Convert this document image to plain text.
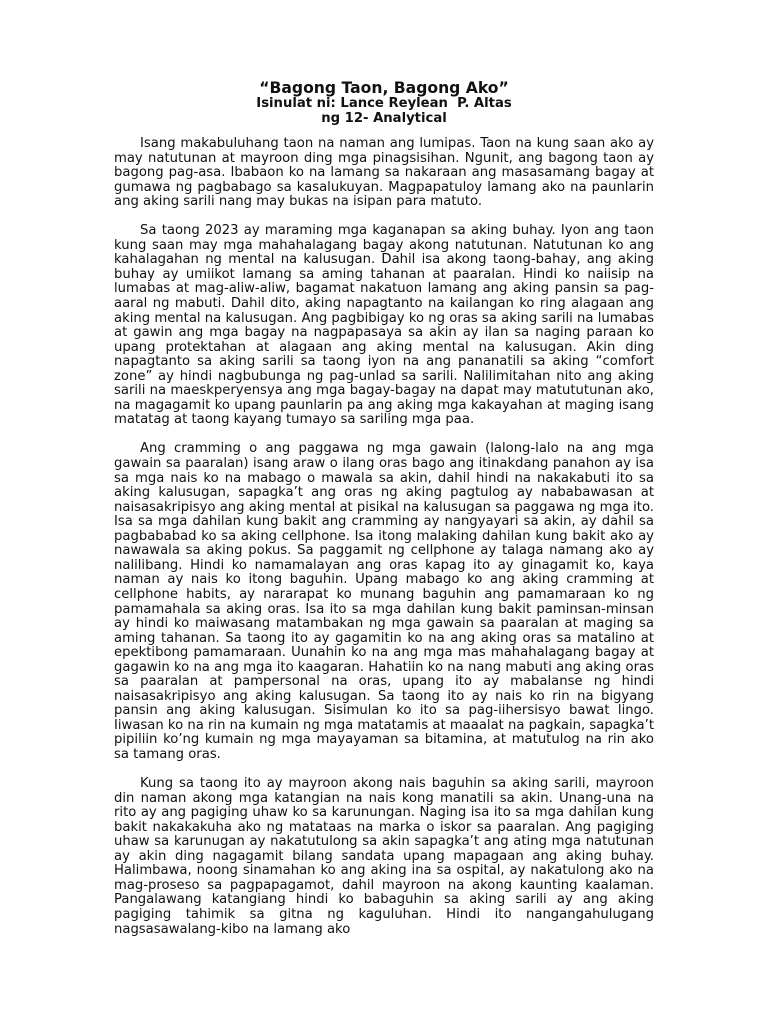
“Bagong Taon, Bagong Ako”
Isinulat ni: Lance Reylean  P. Altas
ng 12- Analytical

Isang makabuluhang taon na naman ang lumipas. Taon na kung saan ako ay may natutunan at mayroon ding mga pinagsisihan. Ngunit, ang bagong taon ay bagong pag-asa. Ibabaon ko na lamang sa nakaraan ang masasamang bagay at gumawa ng pagbabago sa kasalukuyan. Magpapatuloy lamang ako na paunlarin ang aking sarili nang may bukas na isipan para matuto.

Sa taong 2023 ay maraming mga kaganapan sa aking buhay. Iyon ang taon kung saan may mga mahahalagang bagay akong natutunan. Natutunan ko ang kahalagahan ng mental na kalusugan. Dahil isa akong taong-bahay, ang aking buhay ay umiikot lamang sa aming tahanan at paaralan. Hindi ko naiisip na lumabas at mag-aliw-aliw, bagamat nakatuon lamang ang aking pansin sa pag-aaral ng mabuti. Dahil dito, aking napagtanto na kailangan ko ring alagaan ang aking mental na kalusugan. Ang pagbibigay ko ng oras sa aking sarili na lumabas at gawin ang mga bagay na nagpapasaya sa akin ay ilan sa naging paraan ko upang protektahan at alagaan ang aking mental na kalusugan. Akin ding napagtanto sa aking sarili sa taong iyon na ang pananatili sa aking “comfort zone” ay hindi nagbubunga ng pag-unlad sa sarili. Nalilimitahan nito ang aking sarili na maeskperyensya ang mga bagay-bagay na dapat may matututunan ako, na magagamit ko upang paunlarin pa ang aking mga kakayahan at maging isang matatag at taong kayang tumayo sa sariling mga paa.

Ang cramming o ang paggawa ng mga gawain (lalong-lalo na ang mga gawain sa paaralan) isang araw o ilang oras bago ang itinakdang panahon ay isa sa mga nais ko na mabago o mawala sa akin, dahil hindi na nakakabuti ito sa aking kalusugan, sapagka’t ang oras ng aking pagtulog ay nababawasan at naisasakripisyo ang aking mental at pisikal na kalusugan sa paggawa ng mga ito. Isa sa mga dahilan kung bakit ang cramming ay nangyayari sa akin, ay dahil sa pagbababad ko sa aking cellphone. Isa itong malaking dahilan kung bakit ako ay nawawala sa aking pokus. Sa paggamit ng cellphone ay talaga namang ako ay nalilibang. Hindi ko namamalayan ang oras kapag ito ay ginagamit ko, kaya naman ay nais ko itong baguhin. Upang mabago ko ang aking cramming at cellphone habits, ay nararapat ko munang baguhin ang pamamaraan ko ng pamamahala sa aking oras. Isa ito sa mga dahilan kung bakit paminsan-minsan ay hindi ko maiwasang matambakan ng mga gawain sa paaralan at maging sa aming tahanan. Sa taong ito ay gagamitin ko na ang aking oras sa matalino at epektibong pamamaraan. Uunahin ko na ang mga mas mahahalagang bagay at gagawin ko na ang mga ito kaagaran. Hahatiin ko na nang mabuti ang aking oras sa paaralan at pampersonal na oras, upang ito ay mabalanse ng hindi naisasakripisyo ang aking kalusugan. Sa taong ito ay nais ko rin na bigyang pansin ang aking kalusugan. Sisimulan ko ito sa pag-iihersisyo bawat lingo. Iiwasan ko na rin na kumain ng mga matatamis at maaalat na pagkain, sapagka’t pipiliin ko’ng kumain ng mga mayayaman sa bitamina, at matutulog na rin ako sa tamang oras.

Kung sa taong ito ay mayroon akong nais baguhin sa aking sarili, mayroon din naman akong mga katangian na nais kong manatili sa akin. Unang-una na rito ay ang pagiging uhaw ko sa karunungan. Naging isa ito sa mga dahilan kung bakit nakakakuha ako ng matataas na marka o iskor sa paaralan. Ang pagiging uhaw sa karunugan ay nakatutulong sa akin sapagka’t ang ating mga natutunan ay akin ding nagagamit bilang sandata upang mapagaan ang aking buhay. Halimbawa, noong sinamahan ko ang aking ina sa ospital, ay nakatulong ako na mag-proseso sa pagpapagamot, dahil mayroon na akong kaunting kaalaman. Pangalawang katangiang hindi ko babaguhin sa aking sarili ay ang aking pagiging tahimik sa gitna ng kaguluhan. Hindi ito nangangahulugang nagsasawalang-kibo na lamang ako
